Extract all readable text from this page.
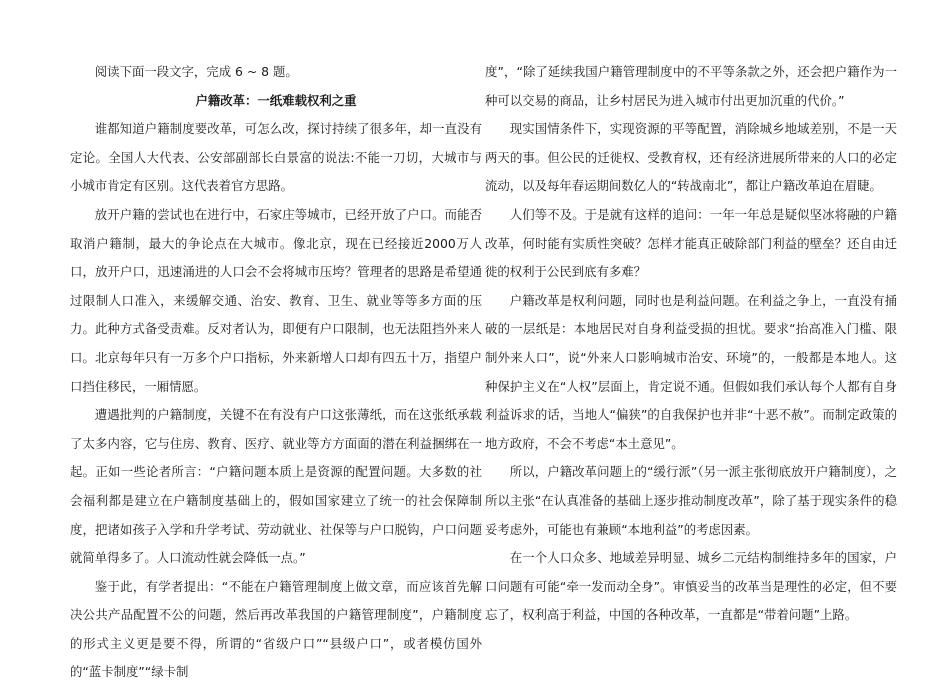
阅读下面一段文字，完成 6 ~ 8 题。

户籍改革：一纸难载权利之重

谁都知道户籍制度要改革，可怎么改，探讨持续了很多年，却一直没有定论。全国人大代表、公安部副部长白景富的说法:不能一刀切，大城市与小城市肯定有区别。这代表着官方思路。

放开户籍的尝试也在进行中，石家庄等城市，已经开放了户口。而能否取消户籍制，最大的争论点在大城市。像北京，现在已经接近2000万人口，放开户口，迅速涌进的人口会不会将城市压垮？管理者的思路是希望通过限制人口准入，来缓解交通、治安、教育、卫生、就业等等多方面的压力。此种方式备受责难。反对者认为，即便有户口限制，也无法阻挡外来人口。北京每年只有一万多个户口指标，外来新增人口却有四五十万，指望户口挡住移民，一厢情愿。

遭遇批判的户籍制度，关键不在有没有户口这张薄纸，而在这张纸承载了太多内容，它与住房、教育、医疗、就业等方方面面的潜在利益捆绑在一起。正如一些论者所言：“户籍问题本质上是资源的配置问题。大多数的社会福利都是建立在户籍制度基础上的，假如国家建立了统一的社会保障制度，把诸如孩子入学和升学考试、劳动就业、社保等与户口脱钩，户口问题就简单得多了。人口流动性就会降低一点。”

鉴于此，有学者提出：“不能在户籍管理制度上做文章，而应该首先解决公共产品配置不公的问题，然后再改革我国的户籍管理制度”，户籍制度的形式主义更是要不得，所谓的“省级户口”“县级户口”，或者模仿国外的“蓝卡制度”“绿卡制

度”，“除了延续我国户籍管理制度中的不平等条款之外，还会把户籍作为一种可以交易的商品，让乡村居民为进入城市付出更加沉重的代价。”

现实国情条件下，实现资源的平等配置，消除城乡地域差别，不是一天两天的事。但公民的迁徙权、受教育权，还有经济进展所带来的人口的必定流动，以及每年春运期间数亿人的“转战南北”，都让户籍改革迫在眉睫。

人们等不及。于是就有这样的追问：一年一年总是疑似坚冰将融的户籍改革，何时能有实质性突破？怎样才能真正破除部门利益的壁垒？还自由迁徙的权利于公民到底有多难？

户籍改革是权利问题，同时也是利益问题。在利益之争上，一直没有捅破的一层纸是：本地居民对自身利益受损的担忧。要求“抬高准入门槛、限制外来人口”，说“外来人口影响城市治安、环境”的，一般都是本地人。这种保护主义在“人权”层面上，肯定说不通。但假如我们承认每个人都有自身利益诉求的话，当地人“偏狭”的自我保护也并非“十恶不赦”。而制定政策的地方政府，不会不考虑“本土意见”。

所以，户籍改革问题上的“缓行派”（另一派主张彻底放开户籍制度），之所以主张“在认真准备的基础上逐步推动制度改革”，除了基于现实条件的稳妥考虑外，可能也有兼顾“本地利益”的考虑因素。

在一个人口众多、地域差异明显、城乡二元结构制维持多年的国家，户口问题有可能“牵一发而动全身”。审慎妥当的改革当是理性的必定，但不要忘了，权利高于利益，中国的各种改革，一直都是“带着问题”上路。
